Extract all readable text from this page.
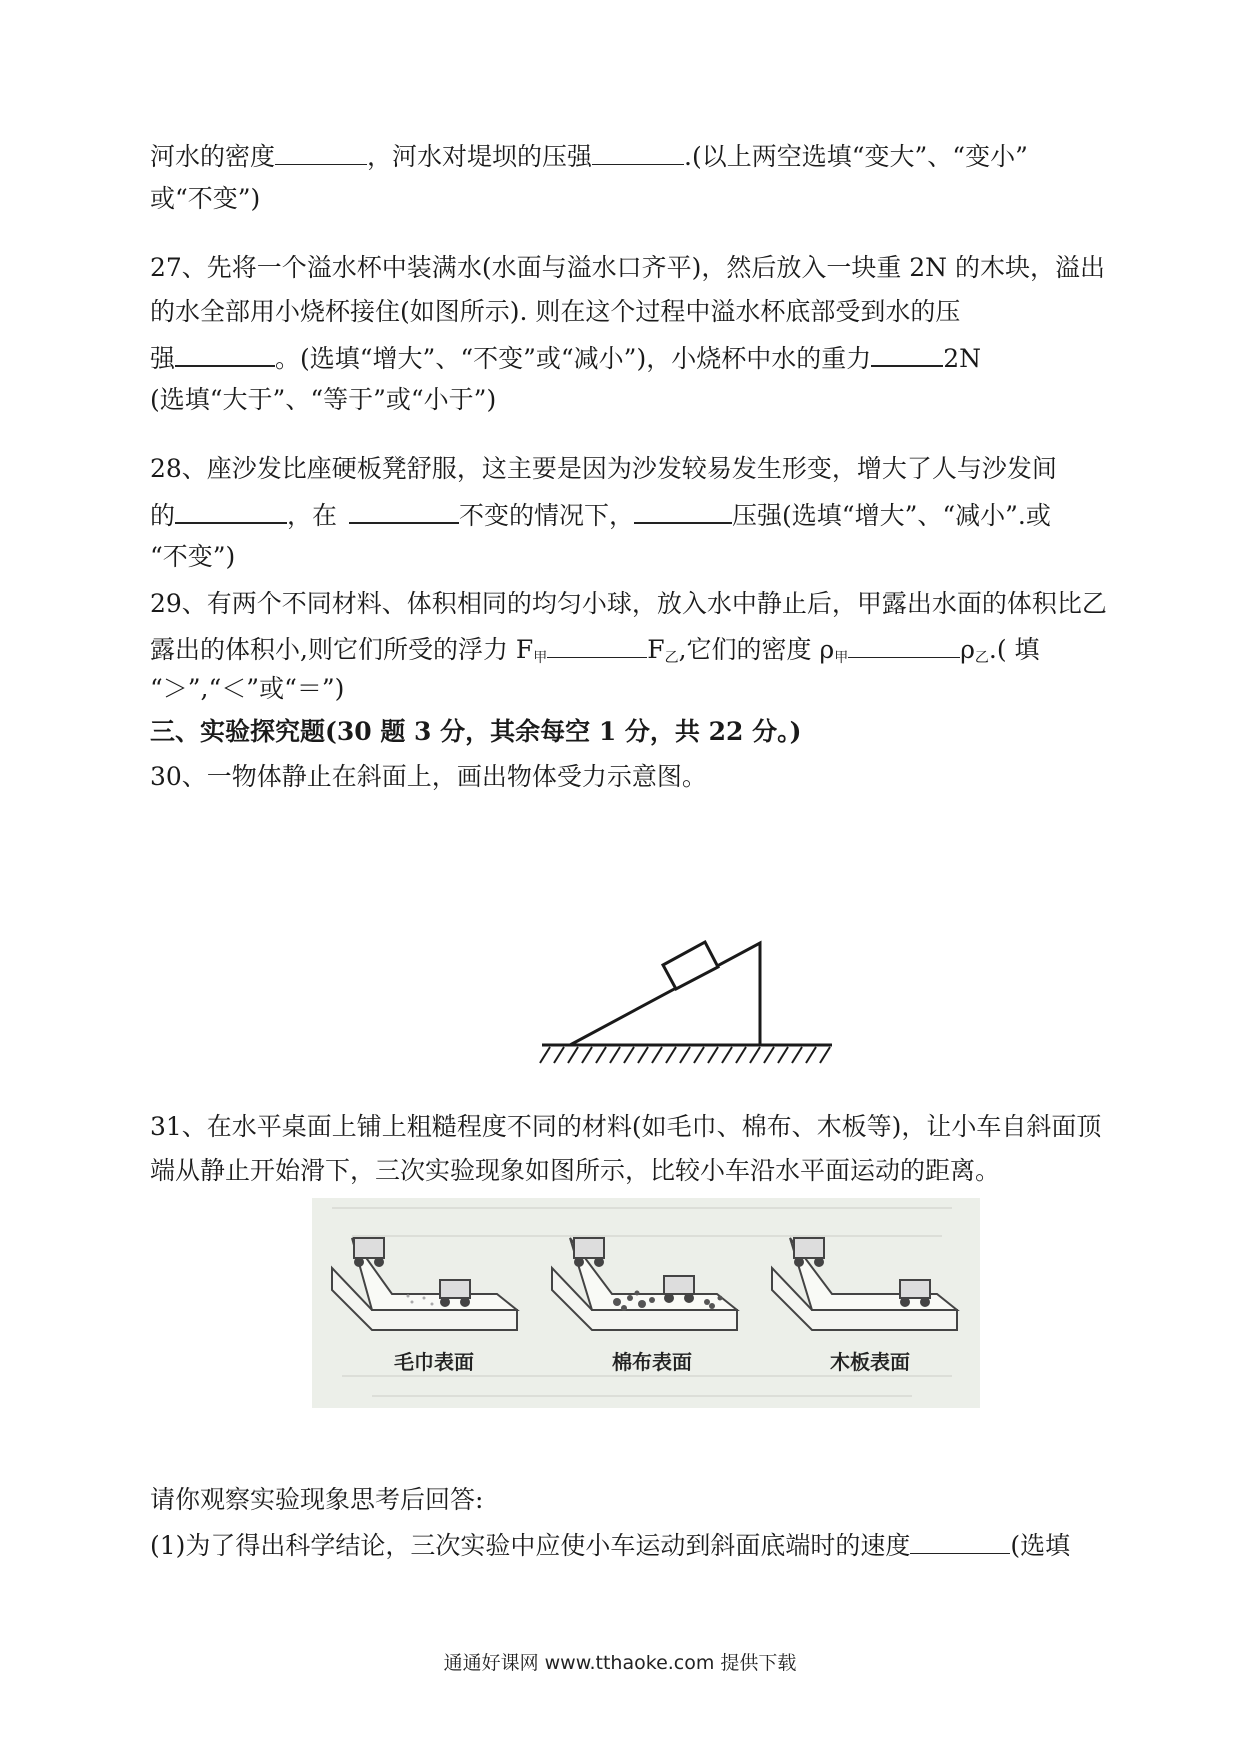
河水的密度	，河水对堤坝的压强	.(以上两空选填“变大”、“变小”
或“不变”)
27、先将一个溢水杯中装满水(水面与溢水口齐平)，然后放入一块重 2N 的木块，溢出
的水全部用小烧杯接住(如图所示). 则在这个过程中溢水杯底部受到水的压
强	。(选填“增大”、“不变”或“减小”)，小烧杯中水的重力	2N
(选填“大于”、“等于”或“小于”)
28、座沙发比座硬板凳舒服，这主要是因为沙发较易发生形变，增大了人与沙发间
的	，在	不变的情况下，	压强(选填“增大”、“减小”.或
“不变”)
29、有两个不同材料、体积相同的均匀小球，放入水中静止后，甲露出水面的体积比乙
露出的体积小,则它们所受的浮力 $F_甲$	$F_乙$,它们的密度 $\rho_甲$	$\rho_乙$.( 填
“＞”,“＜”或“＝”)
三、实验探究题(30 题 3 分，其余每空 1 分，共 22 分。)
30、一物体静止在斜面上，画出物体受力示意图。
31、在水平桌面上铺上粗糙程度不同的材料(如毛巾、棉布、木板等)，让小车自斜面顶
端从静止开始滑下，三次实验现象如图所示，比较小车沿水平面运动的距离。
毛巾表面	棉布表面	木板表面
请你观察实验现象思考后回答:
(1)为了得出科学结论，三次实验中应使小车运动到斜面底端时的速度	(选填
通通好课网 www.tthaoke.com 提供下载
